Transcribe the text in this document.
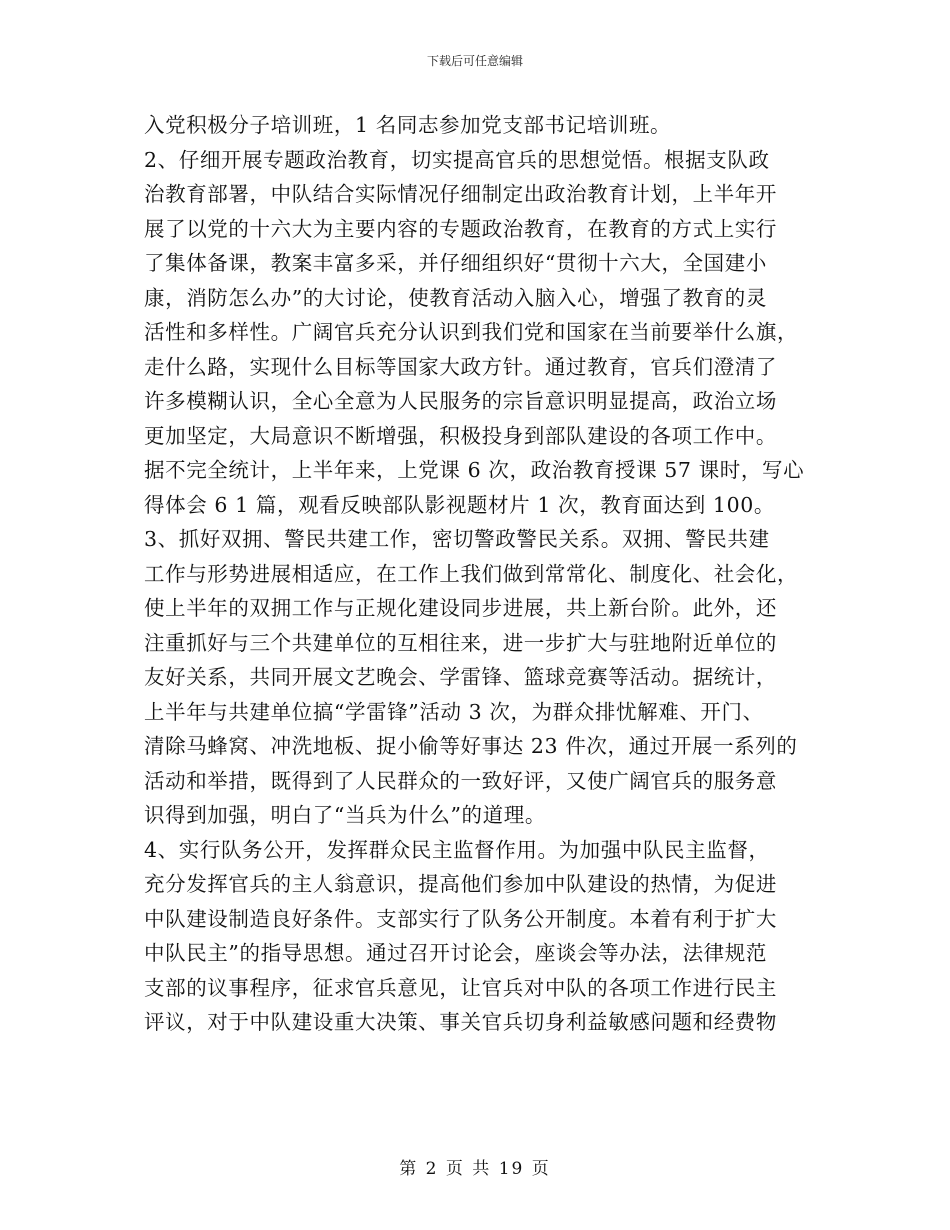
下载后可任意编辑
入党积极分子培训班，1 名同志参加党支部书记培训班。
2、仔细开展专题政治教育，切实提高官兵的思想觉悟。根据支队政
治教育部署，中队结合实际情况仔细制定出政治教育计划，上半年开
展了以党的十六大为主要内容的专题政治教育，在教育的方式上实行
了集体备课，教案丰富多采，并仔细组织好“贯彻十六大，全国建小
康，消防怎么办”的大讨论，使教育活动入脑入心，增强了教育的灵
活性和多样性。广阔官兵充分认识到我们党和国家在当前要举什么旗，
走什么路，实现什么目标等国家大政方针。通过教育，官兵们澄清了
许多模糊认识，全心全意为人民服务的宗旨意识明显提高，政治立场
更加坚定，大局意识不断增强，积极投身到部队建设的各项工作中。
据不完全统计，上半年来，上党课 6 次，政治教育授课 57 课时，写心
得体会 6 1 篇，观看反映部队影视题材片 1 次，教育面达到 100。
3、抓好双拥、警民共建工作，密切警政警民关系。双拥、警民共建
工作与形势进展相适应，在工作上我们做到常常化、制度化、社会化，
使上半年的双拥工作与正规化建设同步进展，共上新台阶。此外，还
注重抓好与三个共建单位的互相往来，进一步扩大与驻地附近单位的
友好关系，共同开展文艺晚会、学雷锋、篮球竞赛等活动。据统计，
上半年与共建单位搞“学雷锋”活动 3 次，为群众排忧解难、开门、
清除马蜂窝、冲洗地板、捉小偷等好事达 23 件次，通过开展一系列的
活动和举措，既得到了人民群众的一致好评，又使广阔官兵的服务意
识得到加强，明白了“当兵为什么”的道理。
4、实行队务公开，发挥群众民主监督作用。为加强中队民主监督，
充分发挥官兵的主人翁意识，提高他们参加中队建设的热情，为促进
中队建设制造良好条件。支部实行了队务公开制度。本着有利于扩大
中队民主”的指导思想。通过召开讨论会，座谈会等办法，法律规范
支部的议事程序，征求官兵意见，让官兵对中队的各项工作进行民主
评议，对于中队建设重大决策、事关官兵切身利益敏感问题和经费物
第 2 页 共 19 页
